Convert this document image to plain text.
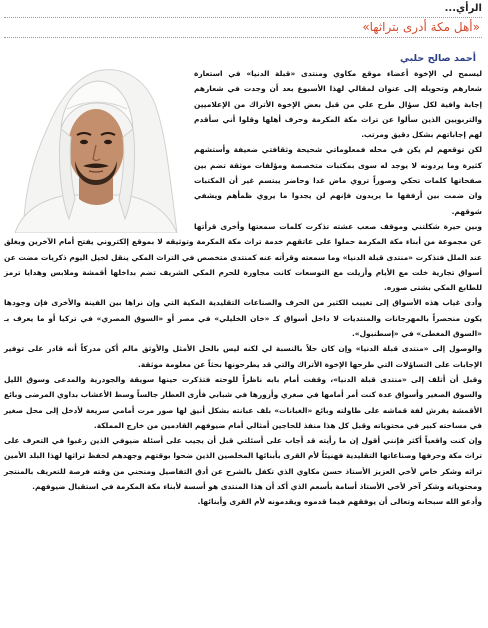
الرأي...
«أهل مكة أدرى بتراثها»
أحمد صالح حلبي

ليسمح لي الإخوة أعضاء موقع مكاوي ومنتدى «قبلة الدنيا» في استعارة شعارهم وتحويله إلى عنوان لمقالي لهذا الأسبوع بعد أن وجدت في شعارهم إجابة وافية لكل سؤال طرح علي من قبل بعض الإخوة الأتراك من الإعلاميين والتربويين الذين سألوا عن تراث مكة المكرمة وحرف أهلها وقلوا أني سأقدم لهم إجاباتهم بشكل دقيق ومرتب.

لكن توقعهم لم يكن في محله فمعلوماتي شحيحة وثقافتي ضعيفة وأستشهم كثيرة وما يردونه لا يوجد له سوى بمكتبات متخصصة ومؤلفات موثقة تضم بين صفحاتها كلمات تحكي وصوراً تروي ماض غدا وحاضر يبتسم غير أن المكتبات وان ضمت بين أرففها ما يريدون فإنهم لن يجدوا ما يروي ظمأهم ويشفي شوقهم.

وبين حيرة شكلتني وموقف صعب عشته تذكرت كلمات سمعتها وأخرى قرأتها عن مجموعة من أبناء مكة المكرمة حملوا على عاتقهم خدمة تراث مكة المكرمة وتوثيقه لا بموقع إلكتروني يفتح أمام الآخرين ويغلق عند الملل فتذكرت «منتدى قبلة الدنيا» وما سمعته وقرأته عنه كمنتدى متخصص في التراث المكي ينقل لجيل اليوم ذكريات مضت عن أسواق تجارية خلت مع الأيام وأزيلت مع التوسعات كانت مجاورة للحرم المكي الشريف تضم بداخلها أقمشة وملابس وهدايا ترمز للطابع المكي بشتى صوره.

وأدى غياب هذه الأسواق إلى تغييب الكثير من الحرف والصناعات التقليدية المكية التي وإن نراها بين الفينة والأخرى فإن وجودها يكون منحصراً بالمهرجانات والمنتديات لا داخل أسواق كـ «خان الخليلي» في مصر أو «السوق المصري» في تركيا أو ما يعرف بـ «السوق المغطى» في «إسطنبول».

والوصول إلى «منتدى قبلة الدنيا» وإن كان حلاً بالنسبة لي لكنه ليس بالحل الأمثل والأوثق مالم أكن مدركاً أنه قادر على توفير الإجابات على التساؤلات التي طرحها الإخوة الأتراك والتي قد يطرحونها بحثاً عن معلومة موثقة.

وقبل أن أتلف إلى «منتدى قبلة الدنيا»، وقفت أمام بابه ناظراً للوحته فتذكرت حينها سويقة والجودرية والمدعى وسوق الليل والسوق الصغير وأسواق عدة كنت أمر أمامها في صغري وأزورها في شبابي فأرى العطار جالساً وسط الأعشاب بداوي المرضى وبائع الأقمشة يفرش لفة قماشه على طاولته وبائع «الغبانات» بلف عبانته بشكل أنيق لها صور مرت أمامي سريعة لأدخل إلى محل صغير في مساحته كبير في محتوياته وقبل كل هذا منفذ للحاجين أمثالي أمام ضيوفهم القادمين من خارج المملكة.

وإن كنت واقعياً أكثر فإنني أقول إن ما رأيته قد أجاب على أسئلتي قبل أن يجيب على أسئلة ضيوفي الذين رغبوا في التعرف على تراث مكة وحرفها وصناعاتها التقليدية فهنيئاً لأم القرى بأبنائها المخلصين الذين ضحوا بوقتهم وجهدهم لحفظ تراثها لهذا البلد الأمين تراثه وشكر خاص لأخي العزيز الأستاذ حسن مكاوي الذي تكفل بالشرح عن أدق التفاصيل ومنحني من وقته فرصة للتعريف بالمنتجر ومحتوياته وشكر آخر لأخي الأستاذ أسامة بأسعم الذي أكد أن هذا المنتدى هو أسسة لأبناء مكة المكرمة في استقبال ضيوفهم.

وأدعو الله سبحانه وتعالى أن يوفقهم فيما قدموه ويقدمونه لأم القرى وأبنائها.
